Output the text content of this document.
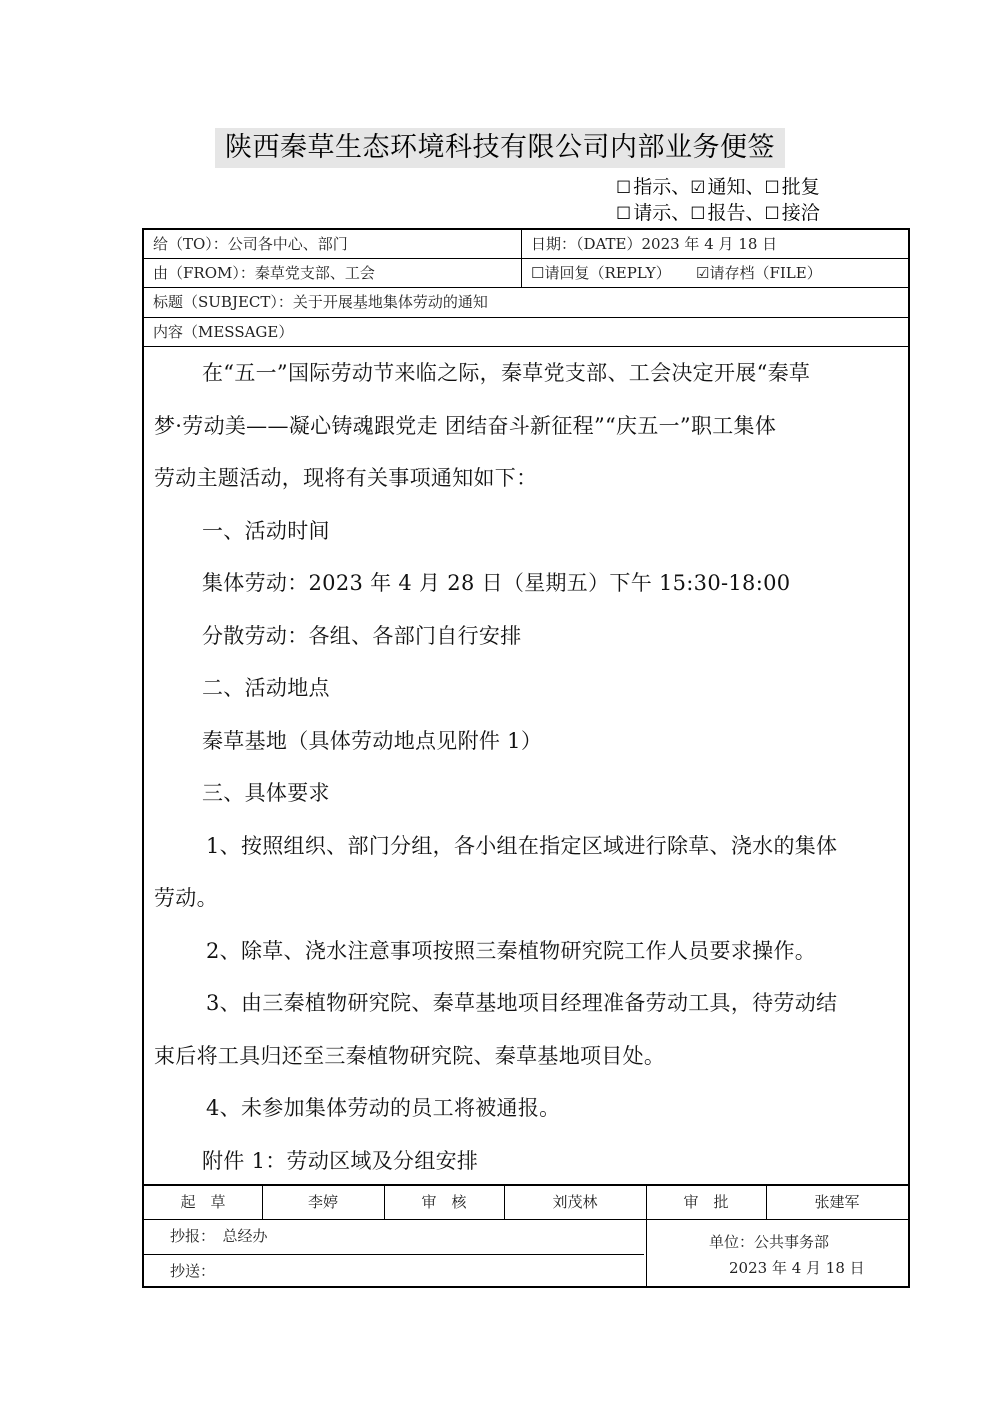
陕西秦草生态环境科技有限公司内部业务便签
☐ 指示、☑ 通知、☐ 批复
☐ 请示、☐ 报告、☐ 接洽
给（TO）：公司各中心、部门	日期：（DATE）2023 年 4 月 18 日
由（FROM）：秦草党支部、工会	☐请回复（REPLY） ☑请存档（FILE）
标题（SUBJECT）：关于开展基地集体劳动的通知
内容（MESSAGE）
在“五一”国际劳动节来临之际，秦草党支部、工会决定开展“秦草
梦·劳动美——凝心铸魂跟党走 团结奋斗新征程”“庆五一”职工集体
劳动主题活动，现将有关事项通知如下：
一、活动时间
集体劳动：2023 年 4 月 28 日（星期五）下午 15:30-18:00
分散劳动：各组、各部门自行安排
二、活动地点
秦草基地（具体劳动地点见附件 1）
三、具体要求
1、按照组织、部门分组，各小组在指定区域进行除草、浇水的集体
劳动。
2、除草、浇水注意事项按照三秦植物研究院工作人员要求操作。
3、由三秦植物研究院、秦草基地项目经理准备劳动工具，待劳动结
束后将工具归还至三秦植物研究院、秦草基地项目处。
4、未参加集体劳动的员工将被通报。
附件 1：劳动区域及分组安排
起　草	李婷	审　核	刘茂林	审　批	张建军
抄报：　总经办
抄送：
单位：公共事务部
2023 年 4 月 18 日
